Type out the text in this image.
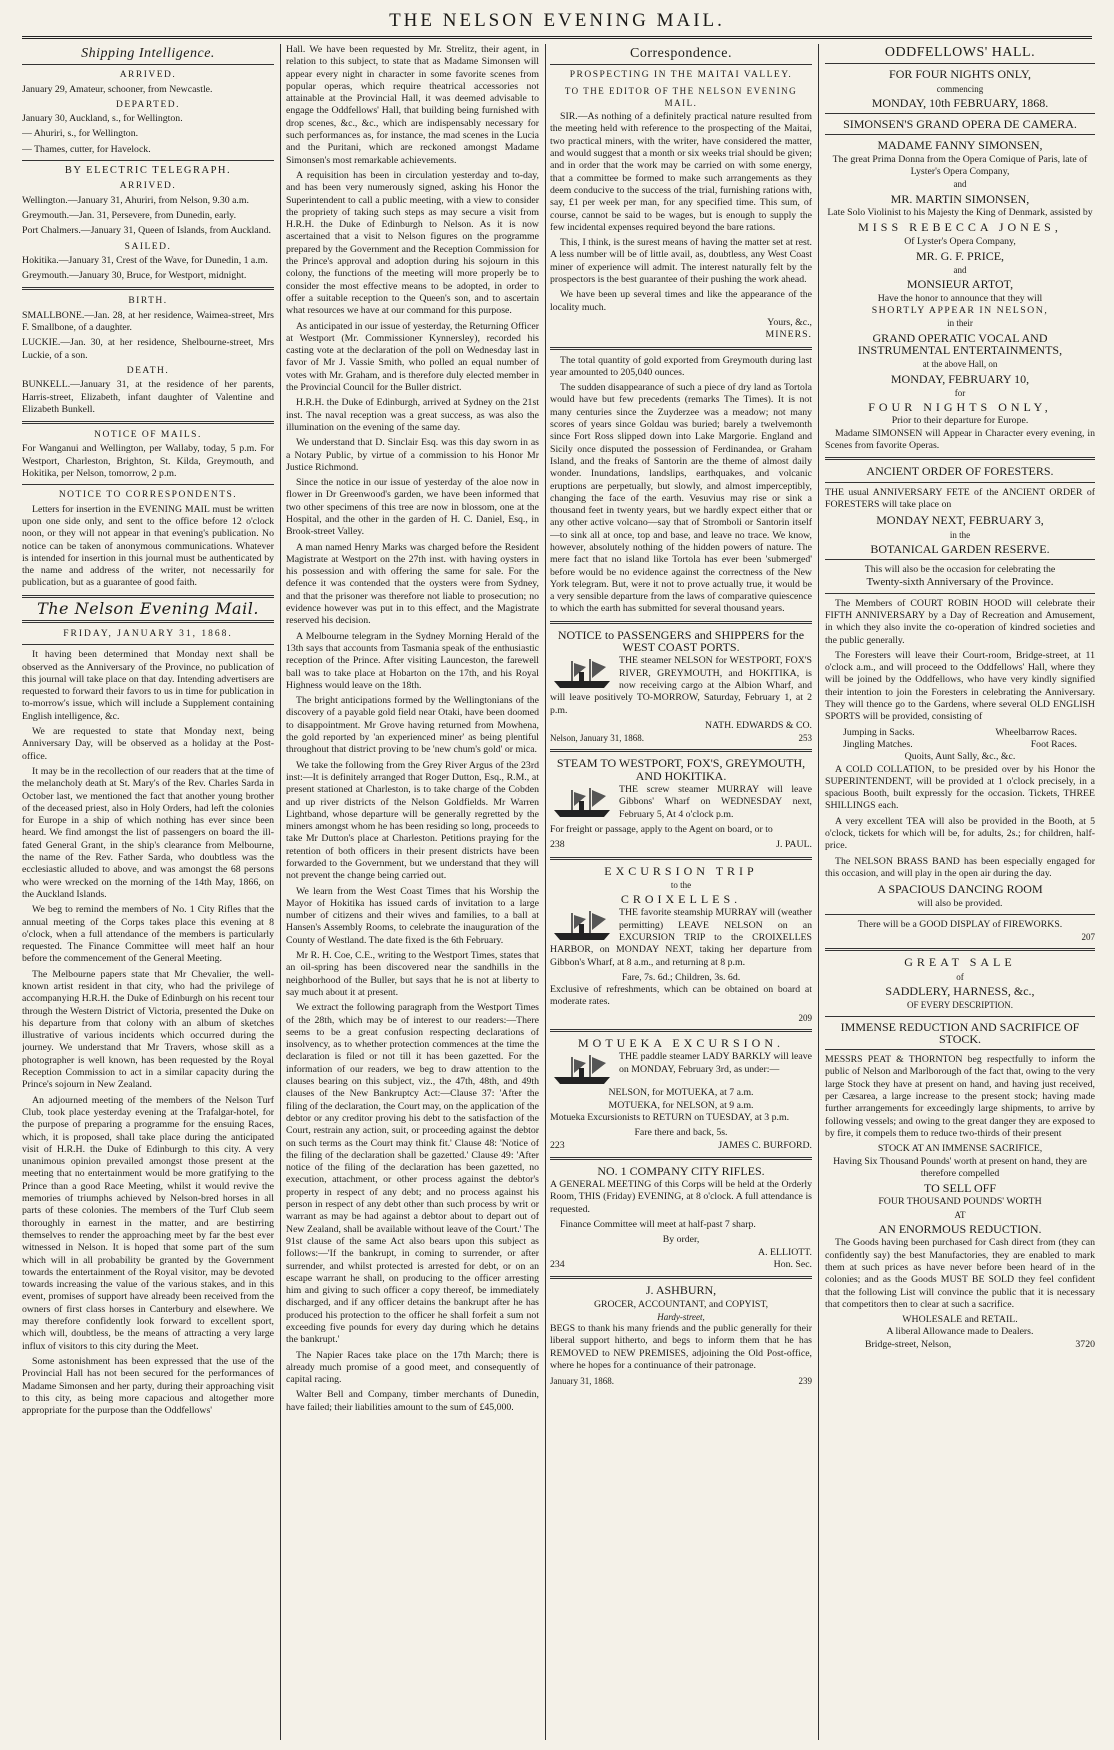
THE NELSON EVENING MAIL.
Shipping Intelligence.
ARRIVED.

January 29, Amateur, schooner, from Newcastle.

DEPARTED.

January 30, Auckland, s., for Wellington.

— Ahuriri, s., for Wellington.

— Thames, cutter, for Havelock.

BY ELECTRIC TELEGRAPH.
ARRIVED.

Wellington.—January 31, Ahuriri, from Nelson, 9.30 a.m.

Greymouth.—Jan. 31, Persevere, from Dunedin, early.

Port Chalmers.—January 31, Queen of Islands, from Auckland.

SAILED.

Hokitika.—January 31, Crest of the Wave, for Dunedin, 1 a.m.

Greymouth.—January 30, Bruce, for Westport, midnight.

BIRTH.

SMALLBONE.—Jan. 28, at her residence, Waimea-street, Mrs F. Smallbone, of a daughter.

LUCKIE.—Jan. 30, at her residence, Shelbourne-street, Mrs Luckie, of a son.

DEATH.

BUNKELL.—January 31, at the residence of her parents, Harris-street, Elizabeth, infant daughter of Valentine and Elizabeth Bunkell.

NOTICE OF MAILS.

For Wanganui and Wellington, per Wallaby, today, 5 p.m. For Westport, Charleston, Brighton, St. Kilda, Greymouth, and Hokitika, per Nelson, tomorrow, 2 p.m.

NOTICE TO CORRESPONDENTS.

Letters for insertion in the EVENING MAIL must be written upon one side only, and sent to the office before 12 o'clock noon, or they will not appear in that evening's publication. No notice can be taken of anonymous communications. Whatever is intended for insertion in this journal must be authenticated by the name and address of the writer, not necessarily for publication, but as a guarantee of good faith.

The Nelson Evening Mail.
FRIDAY, JANUARY 31, 1868.

It having been determined that Monday next shall be observed as the Anniversary of the Province, no publication of this journal will take place on that day. Intending advertisers are requested to forward their favors to us in time for publication in to-morrow's issue, which will include a Supplement containing English intelligence, &c.

We are requested to state that Monday next, being Anniversary Day, will be observed as a holiday at the Post-office.

It may be in the recollection of our readers that at the time of the melancholy death at St. Mary's of the Rev. Charles Sarda in October last, we mentioned the fact that another young brother of the deceased priest, also in Holy Orders, had left the colonies for Europe in a ship of which nothing has ever since been heard. We find amongst the list of passengers on board the ill-fated General Grant, in the ship's clearance from Melbourne, the name of the Rev. Father Sarda, who doubtless was the ecclesiastic alluded to above, and was amongst the 68 persons who were wrecked on the morning of the 14th May, 1866, on the Auckland Islands.

We beg to remind the members of No. 1 City Rifles that the annual meeting of the Corps takes place this evening at 8 o'clock, when a full attendance of the members is particularly requested. The Finance Committee will meet half an hour before the commencement of the General Meeting.

The Melbourne papers state that Mr Chevalier, the well-known artist resident in that city, who had the privilege of accompanying H.R.H. the Duke of Edinburgh on his recent tour through the Western District of Victoria, presented the Duke on his departure from that colony with an album of sketches illustrative of various incidents which occurred during the journey. We understand that Mr Travers, whose skill as a photographer is well known, has been requested by the Royal Reception Commission to act in a similar capacity during the Prince's sojourn in New Zealand.

An adjourned meeting of the members of the Nelson Turf Club, took place yesterday evening at the Trafalgar-hotel, for the purpose of preparing a programme for the ensuing Races, which, it is proposed, shall take place during the anticipated visit of H.R.H. the Duke of Edinburgh to this city. A very unanimous opinion prevailed amongst those present at the meeting that no entertainment would be more gratifying to the Prince than a good Race Meeting, whilst it would revive the memories of triumphs achieved by Nelson-bred horses in all parts of these colonies. The members of the Turf Club seem thoroughly in earnest in the matter, and are bestirring themselves to render the approaching meet by far the best ever witnessed in Nelson. It is hoped that some part of the sum which will in all probability be granted by the Government towards the entertainment of the Royal visitor, may be devoted towards increasing the value of the various stakes, and in this event, promises of support have already been received from the owners of first class horses in Canterbury and elsewhere. We may therefore confidently look forward to excellent sport, which will, doubtless, be the means of attracting a very large influx of visitors to this city during the Meet.

Some astonishment has been expressed that the use of the Provincial Hall has not been secured for the performances of Madame Simonsen and her party, during their approaching visit to this city, as being more capacious and altogether more appropriate for the purpose than the Oddfellows'

Hall. We have been requested by Mr. Strelitz, their agent, in relation to this subject, to state that as Madame Simonsen will appear every night in character in some favorite scenes from popular operas, which require theatrical accessories not attainable at the Provincial Hall, it was deemed advisable to engage the Oddfellows' Hall, that building being furnished with drop scenes, &c., &c., which are indispensably necessary for such performances as, for instance, the mad scenes in the Lucia and the Puritani, which are reckoned amongst Madame Simonsen's most remarkable achievements.

A requisition has been in circulation yesterday and to-day, and has been very numerously signed, asking his Honor the Superintendent to call a public meeting, with a view to consider the propriety of taking such steps as may secure a visit from H.R.H. the Duke of Edinburgh to Nelson. As it is now ascertained that a visit to Nelson figures on the programme prepared by the Government and the Reception Commission for the Prince's approval and adoption during his sojourn in this colony, the functions of the meeting will more properly be to consider the most effective means to be adopted, in order to offer a suitable reception to the Queen's son, and to ascertain what resources we have at our command for this purpose.

As anticipated in our issue of yesterday, the Returning Officer at Westport (Mr. Commissioner Kynnersley), recorded his casting vote at the declaration of the poll on Wednesday last in favor of Mr J. Vassie Smith, who polled an equal number of votes with Mr. Graham, and is therefore duly elected member in the Provincial Council for the Buller district.

H.R.H. the Duke of Edinburgh, arrived at Sydney on the 21st inst. The naval reception was a great success, as was also the illumination on the evening of the same day.

We understand that D. Sinclair Esq. was this day sworn in as a Notary Public, by virtue of a commission to his Honor Mr Justice Richmond.

Since the notice in our issue of yesterday of the aloe now in flower in Dr Greenwood's garden, we have been informed that two other specimens of this tree are now in blossom, one at the Hospital, and the other in the garden of H. C. Daniel, Esq., in Brook-street Valley.

A man named Henry Marks was charged before the Resident Magistrate at Westport on the 27th inst. with having oysters in his possession and with offering the same for sale. For the defence it was contended that the oysters were from Sydney, and that the prisoner was therefore not liable to prosecution; no evidence however was put in to this effect, and the Magistrate reserved his decision.

A Melbourne telegram in the Sydney Morning Herald of the 13th says that accounts from Tasmania speak of the enthusiastic reception of the Prince. After visiting Launceston, the farewell ball was to take place at Hobarton on the 17th, and his Royal Highness would leave on the 18th.

The bright anticipations formed by the Wellingtonians of the discovery of a payable gold field near Otaki, have been doomed to disappointment. Mr Grove having returned from Mowhena, the gold reported by 'an experienced miner' as being plentiful throughout that district proving to be 'new chum's gold' or mica.

We take the following from the Grey River Argus of the 23rd inst:—It is definitely arranged that Roger Dutton, Esq., R.M., at present stationed at Charleston, is to take charge of the Cobden and up river districts of the Nelson Goldfields. Mr Warren Lightband, whose departure will be generally regretted by the miners amongst whom he has been residing so long, proceeds to take Mr Dutton's place at Charleston. Petitions praying for the retention of both officers in their present districts have been forwarded to the Government, but we understand that they will not prevent the change being carried out.

We learn from the West Coast Times that his Worship the Mayor of Hokitika has issued cards of invitation to a large number of citizens and their wives and families, to a ball at Hansen's Assembly Rooms, to celebrate the inauguration of the County of Westland. The date fixed is the 6th February.

Mr R. H. Coe, C.E., writing to the Westport Times, states that an oil-spring has been discovered near the sandhills in the neighborhood of the Buller, but says that he is not at liberty to say much about it at present.

We extract the following paragraph from the Westport Times of the 28th, which may be of interest to our readers:—There seems to be a great confusion respecting declarations of insolvency, as to whether protection commences at the time the declaration is filed or not till it has been gazetted. For the information of our readers, we beg to draw attention to the clauses bearing on this subject, viz., the 47th, 48th, and 49th clauses of the New Bankruptcy Act:—Clause 37: 'After the filing of the declaration, the Court may, on the application of the debtor or any creditor proving his debt to the satisfaction of the Court, restrain any action, suit, or proceeding against the debtor on such terms as the Court may think fit.' Clause 48: 'Notice of the filing of the declaration shall be gazetted.' Clause 49: 'After notice of the filing of the declaration has been gazetted, no execution, attachment, or other process against the debtor's property in respect of any debt; and no process against his person in respect of any debt other than such process by writ or warrant as may be had against a debtor about to depart out of New Zealand, shall be available without leave of the Court.' The 91st clause of the same Act also bears upon this subject as follows:—'If the bankrupt, in coming to surrender, or after surrender, and whilst protected is arrested for debt, or on an escape warrant he shall, on producing to the officer arresting him and giving to such officer a copy thereof, be immediately discharged, and if any officer detains the bankrupt after he has produced his protection to the officer he shall forfeit a sum not exceeding five pounds for every day during which he detains the bankrupt.'

The Napier Races take place on the 17th March; there is already much promise of a good meet, and consequently of capital racing.

Walter Bell and Company, timber merchants of Dunedin, have failed; their liabilities amount to the sum of £45,000.

Correspondence.
PROSPECTING IN THE MAITAI VALLEY.
TO THE EDITOR OF THE NELSON EVENING MAIL.

SIR.—As nothing of a definitely practical nature resulted from the meeting held with reference to the prospecting of the Maitai, two practical miners, with the writer, have considered the matter, and would suggest that a month or six weeks trial should be given; and in order that the work may be carried on with some energy, that a committee be formed to make such arrangements as they deem conducive to the success of the trial, furnishing rations with, say, £1 per week per man, for any specified time. This sum, of course, cannot be said to be wages, but is enough to supply the few incidental expenses required beyond the bare rations.

This, I think, is the surest means of having the matter set at rest. A less number will be of little avail, as, doubtless, any West Coast miner of experience will admit. The interest naturally felt by the prospectors is the best guarantee of their pushing the work ahead.

We have been up several times and like the appearance of the locality much.

Yours, &c.,
MINERS.

The total quantity of gold exported from Greymouth during last year amounted to 205,040 ounces.

The sudden disappearance of such a piece of dry land as Tortola would have but few precedents (remarks The Times). It is not many centuries since the Zuyderzee was a meadow; not many scores of years since Goldau was buried; barely a twelvemonth since Fort Ross slipped down into Lake Margorie. England and Sicily once disputed the possession of Ferdinandea, or Graham Island, and the freaks of Santorin are the theme of almost daily wonder. Inundations, landslips, earthquakes, and volcanic eruptions are perpetually, but slowly, and almost imperceptibly, changing the face of the earth. Vesuvius may rise or sink a thousand feet in twenty years, but we hardly expect either that or any other active volcano—say that of Stromboli or Santorin itself—to sink all at once, top and base, and leave no trace. We know, however, absolutely nothing of the hidden powers of nature. The mere fact that no island like Tortola has ever been 'submerged' before would be no evidence against the correctness of the New York telegram. But, were it not to prove actually true, it would be a very sensible departure from the laws of comparative quiescence to which the earth has submitted for several thousand years.

NOTICE to PASSENGERS and SHIPPERS for the WEST COAST PORTS.

THE steamer NELSON for WESTPORT, FOX'S RIVER, GREYMOUTH, and HOKITIKA, is now receiving cargo at the Albion Wharf, and will leave positively TO-MORROW, Saturday, February 1, at 2 p.m.

NATH. EDWARDS & CO.
Nelson, January 31, 1868.	253
STEAM TO WESTPORT, FOX'S, GREYMOUTH, AND HOKITIKA.

THE screw steamer MURRAY will leave Gibbons' Wharf on WEDNESDAY next, February 5, At 4 o'clock p.m.

For freight or passage, apply to the Agent on board, or to

238	J. PAUL.
EXCURSION TRIP
to the
CROIXELLES.

THE favorite steamship MURRAY will (weather permitting) LEAVE NELSON on an EXCURSION TRIP to the CROIXELLES HARBOR, on MONDAY NEXT, taking her departure from Gibbon's Wharf, at 8 a.m., and returning at 8 p.m.

Fare, 7s. 6d.; Children, 3s. 6d.

Exclusive of refreshments, which can be obtained on board at moderate rates.

209
MOTUEKA EXCURSION.

THE paddle steamer LADY BARKLY will leave on MONDAY, February 3rd, as under:—

NELSON, for MOTUEKA, at 7 a.m.
MOTUEKA, for NELSON, at 9 a.m.

Motueka Excursionists to RETURN on TUESDAY, at 3 p.m.

Fare there and back, 5s.
223	JAMES C. BURFORD.
NO. 1 COMPANY CITY RIFLES.

A GENERAL MEETING of this Corps will be held at the Orderly Room, THIS (Friday) EVENING, at 8 o'clock. A full attendance is requested.

Finance Committee will meet at half-past 7 sharp.

By order,
A. ELLIOTT.
234	Hon. Sec.
J. ASHBURN,
GROCER, ACCOUNTANT, and COPYIST,
Hardy-street,

BEGS to thank his many friends and the public generally for their liberal support hitherto, and begs to inform them that he has REMOVED to NEW PREMISES, adjoining the Old Post-office, where he hopes for a continuance of their patronage.

January 31, 1868.	239
ODDFELLOWS' HALL.
FOR FOUR NIGHTS ONLY,
commencing
MONDAY, 10th FEBRUARY, 1868.
SIMONSEN'S GRAND OPERA DE CAMERA.
MADAME FANNY SIMONSEN,
The great Prima Donna from the Opera Comique of Paris, late of Lyster's Opera Company,
and
MR. MARTIN SIMONSEN,
Late Solo Violinist to his Majesty the King of Denmark, assisted by
MISS REBECCA JONES,
Of Lyster's Opera Company,
MR. G. F. PRICE,
and
MONSIEUR ARTOT,
Have the honor to announce that they will
SHORTLY APPEAR IN NELSON,
in their
GRAND OPERATIC VOCAL AND INSTRUMENTAL ENTERTAINMENTS,
at the above Hall, on
MONDAY, FEBRUARY 10,
for
FOUR NIGHTS ONLY,
Prior to their departure for Europe.

Madame SIMONSEN will Appear in Character every evening, in Scenes from favorite Operas.

ANCIENT ORDER OF FORESTERS.

THE usual ANNIVERSARY FETE of the ANCIENT ORDER of FORESTERS will take place on

MONDAY NEXT, FEBRUARY 3,
in the
BOTANICAL GARDEN RESERVE.
This will also be the occasion for celebrating the
Twenty-sixth Anniversary of the Province.

The Members of COURT ROBIN HOOD will celebrate their FIFTH ANNIVERSARY by a Day of Recreation and Amusement, in which they also invite the co-operation of kindred societies and the public generally.

The Foresters will leave their Court-room, Bridge-street, at 11 o'clock a.m., and will proceed to the Oddfellows' Hall, where they will be joined by the Oddfellows, who have very kindly signified their intention to join the Foresters in celebrating the Anniversary. They will thence go to the Gardens, where several OLD ENGLISH SPORTS will be provided, consisting of

Jumping in Sacks.	Wheelbarrow Races.
Jingling Matches.	Foot Races.
Quoits, Aunt Sally, &c., &c.

A COLD COLLATION, to be presided over by his Honor the SUPERINTENDENT, will be provided at 1 o'clock precisely, in a spacious Booth, built expressly for the occasion. Tickets, THREE SHILLINGS each.

A very excellent TEA will also be provided in the Booth, at 5 o'clock, tickets for which will be, for adults, 2s.; for children, half-price.

The NELSON BRASS BAND has been especially engaged for this occasion, and will play in the open air during the day.

A SPACIOUS DANCING ROOM
will also be provided.
There will be a GOOD DISPLAY of FIREWORKS.
207
GREAT SALE
of
SADDLERY, HARNESS, &c.,
OF EVERY DESCRIPTION.
IMMENSE REDUCTION AND SACRIFICE OF STOCK.

MESSRS PEAT & THORNTON beg respectfully to inform the public of Nelson and Marlborough of the fact that, owing to the very large Stock they have at present on hand, and having just received, per Cæsarea, a large increase to the present stock; having made further arrangements for exceedingly large shipments, to arrive by following vessels; and owing to the great danger they are exposed to by fire, it compels them to reduce two-thirds of their present

STOCK AT AN IMMENSE SACRIFICE,
Having Six Thousand Pounds' worth at present on hand, they are therefore compelled
TO SELL OFF
FOUR THOUSAND POUNDS' WORTH
AT
AN ENORMOUS REDUCTION.

The Goods having been purchased for Cash direct from (they can confidently say) the best Manufactories, they are enabled to mark them at such prices as have never before been heard of in the colonies; and as the Goods MUST BE SOLD they feel confident that the following List will convince the public that it is necessary that competitors then to clear at such a sacrifice.

WHOLESALE and RETAIL.
A liberal Allowance made to Dealers.
Bridge-street, Nelson,	3720
